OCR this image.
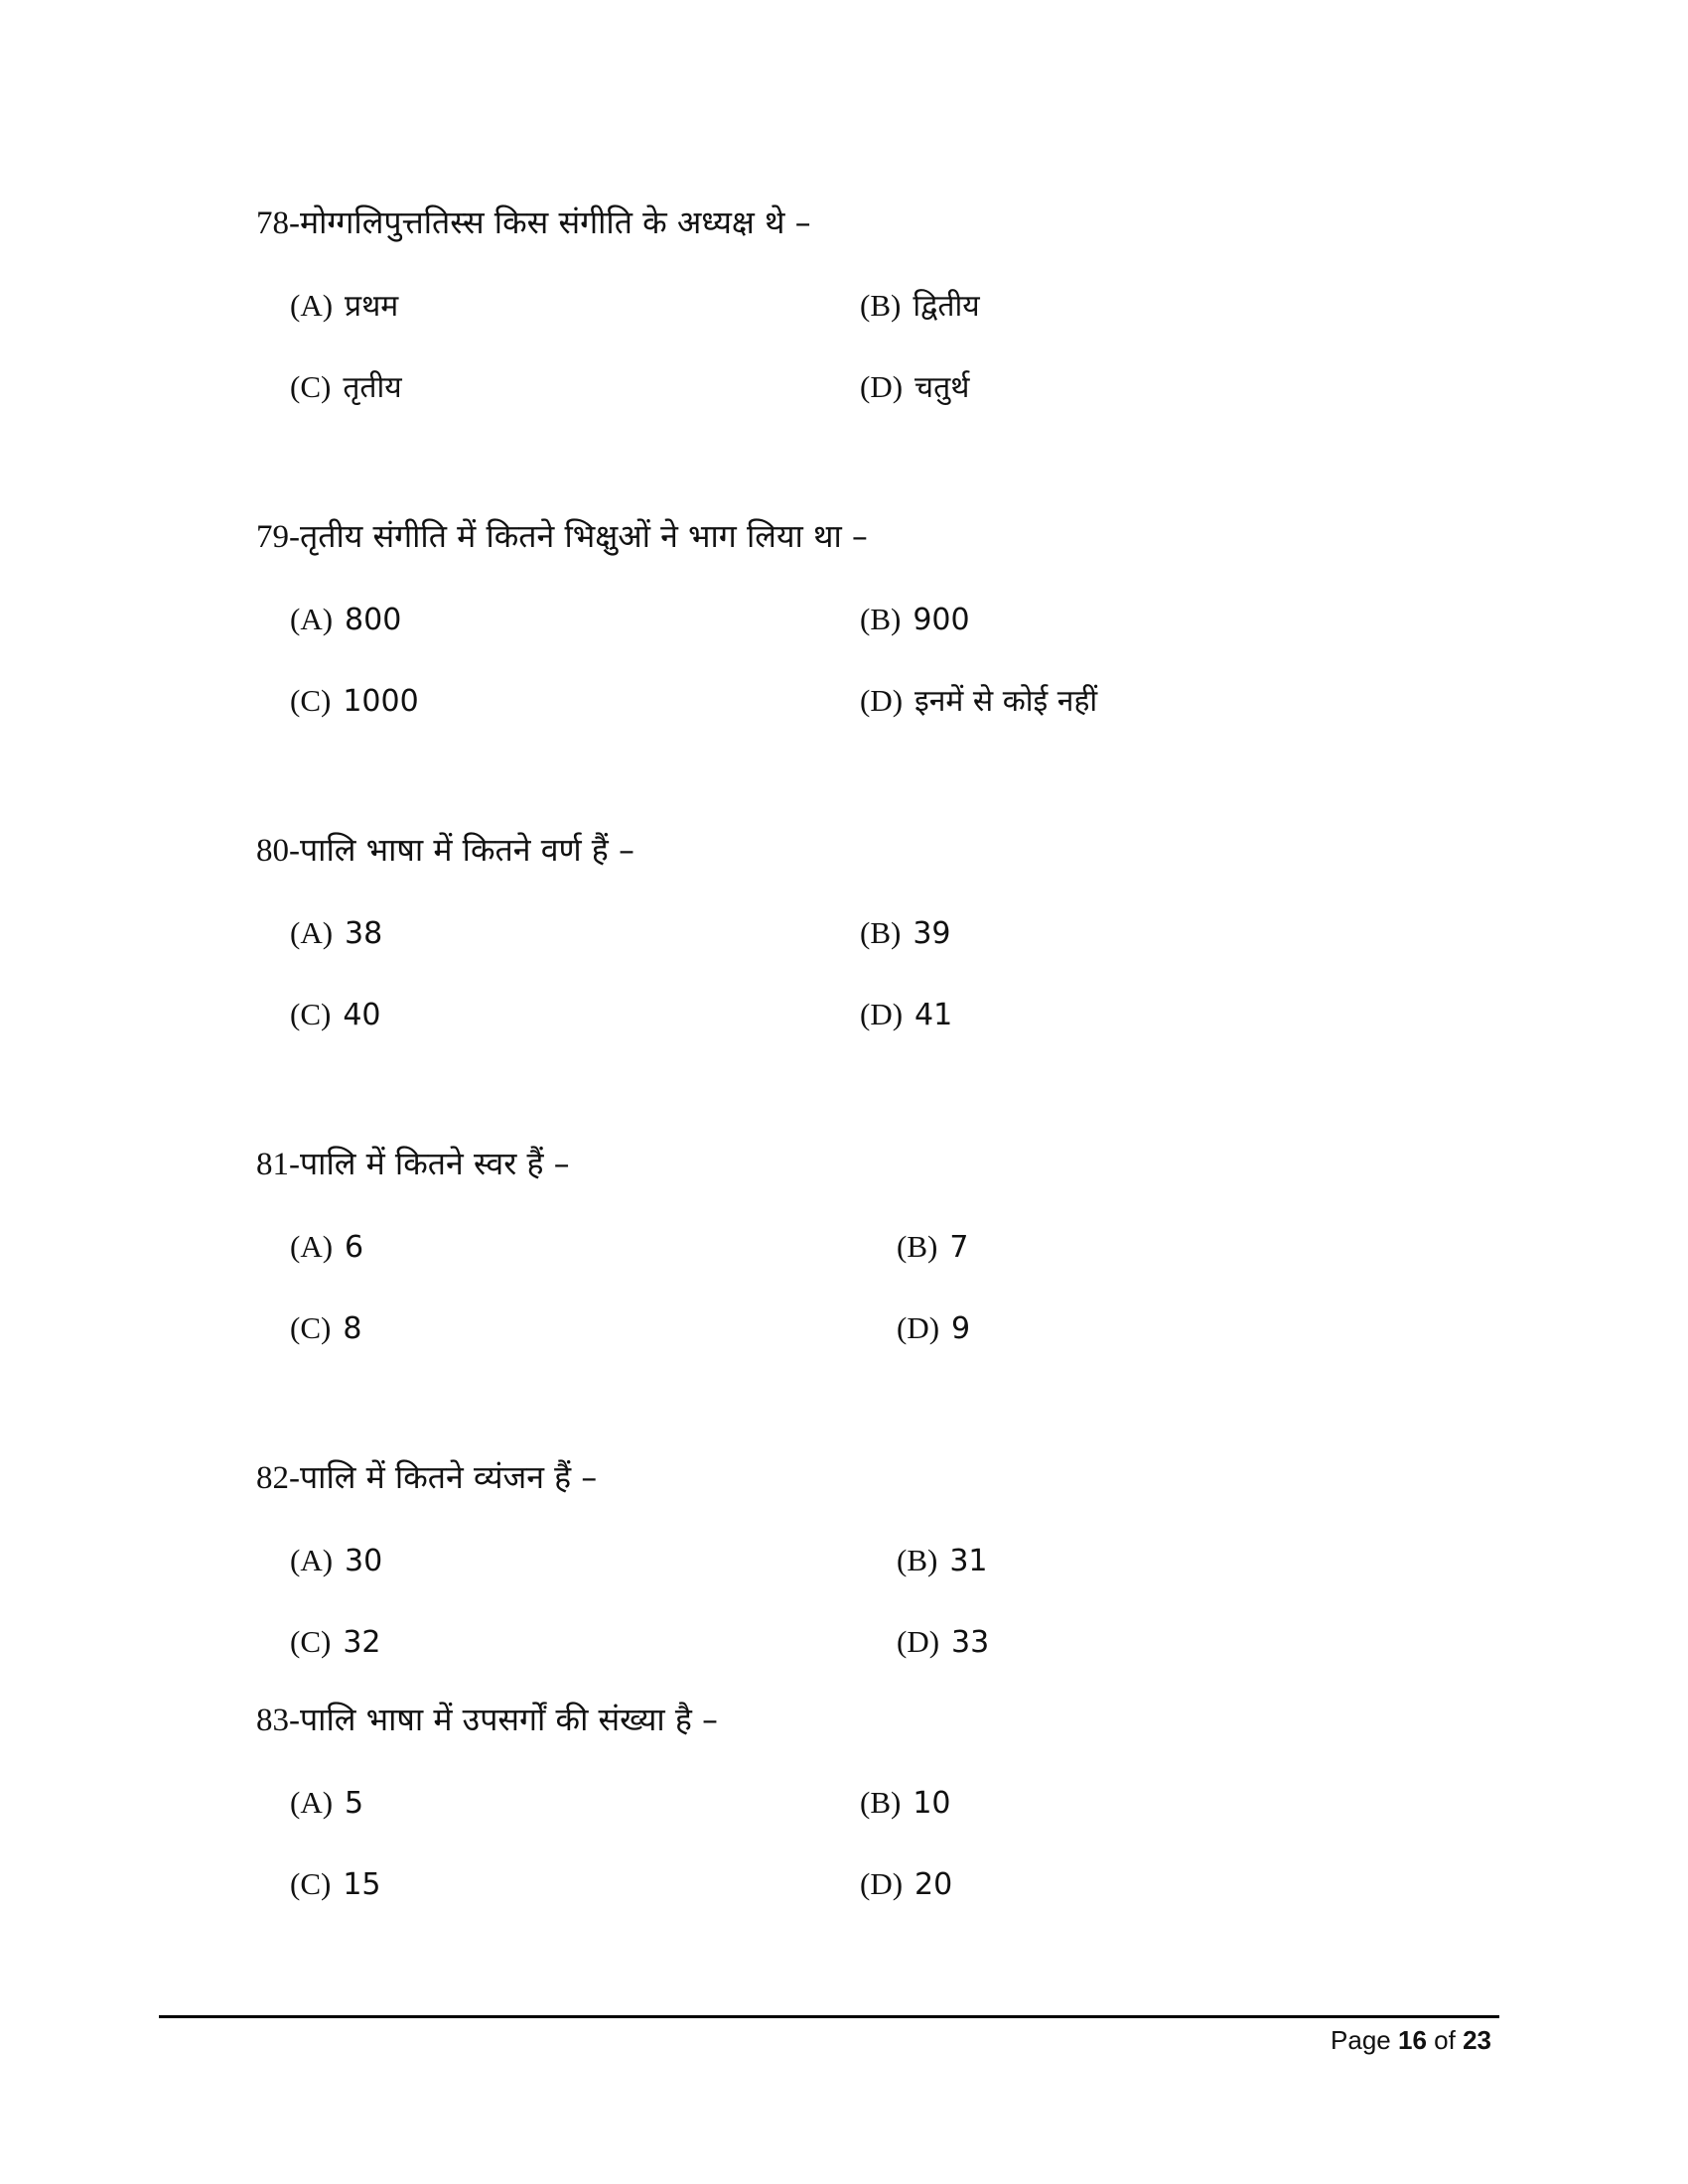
78-मोग्गलिपुत्ततिस्स किस संगीति के अध्यक्ष थे –
(A) प्रथम	(B) द्वितीय
(C) तृतीय	(D) चतुर्थ
79-तृतीय संगीति में कितने भिक्षुओं ने भाग लिया था –
(A) 800	(B) 900
(C) 1000	(D) इनमें से कोई नहीं
80-पालि भाषा में कितने वर्ण हैं –
(A) 38	(B) 39
(C) 40	(D) 41
81-पालि में कितने स्वर हैं –
(A) 6	(B) 7
(C) 8	(D) 9
82-पालि में कितने व्यंजन हैं –
(A) 30	(B) 31
(C) 32	(D) 33
83-पालि भाषा में उपसर्गों की संख्या है –
(A) 5	(B) 10
(C) 15	(D) 20
Page 16 of 23
